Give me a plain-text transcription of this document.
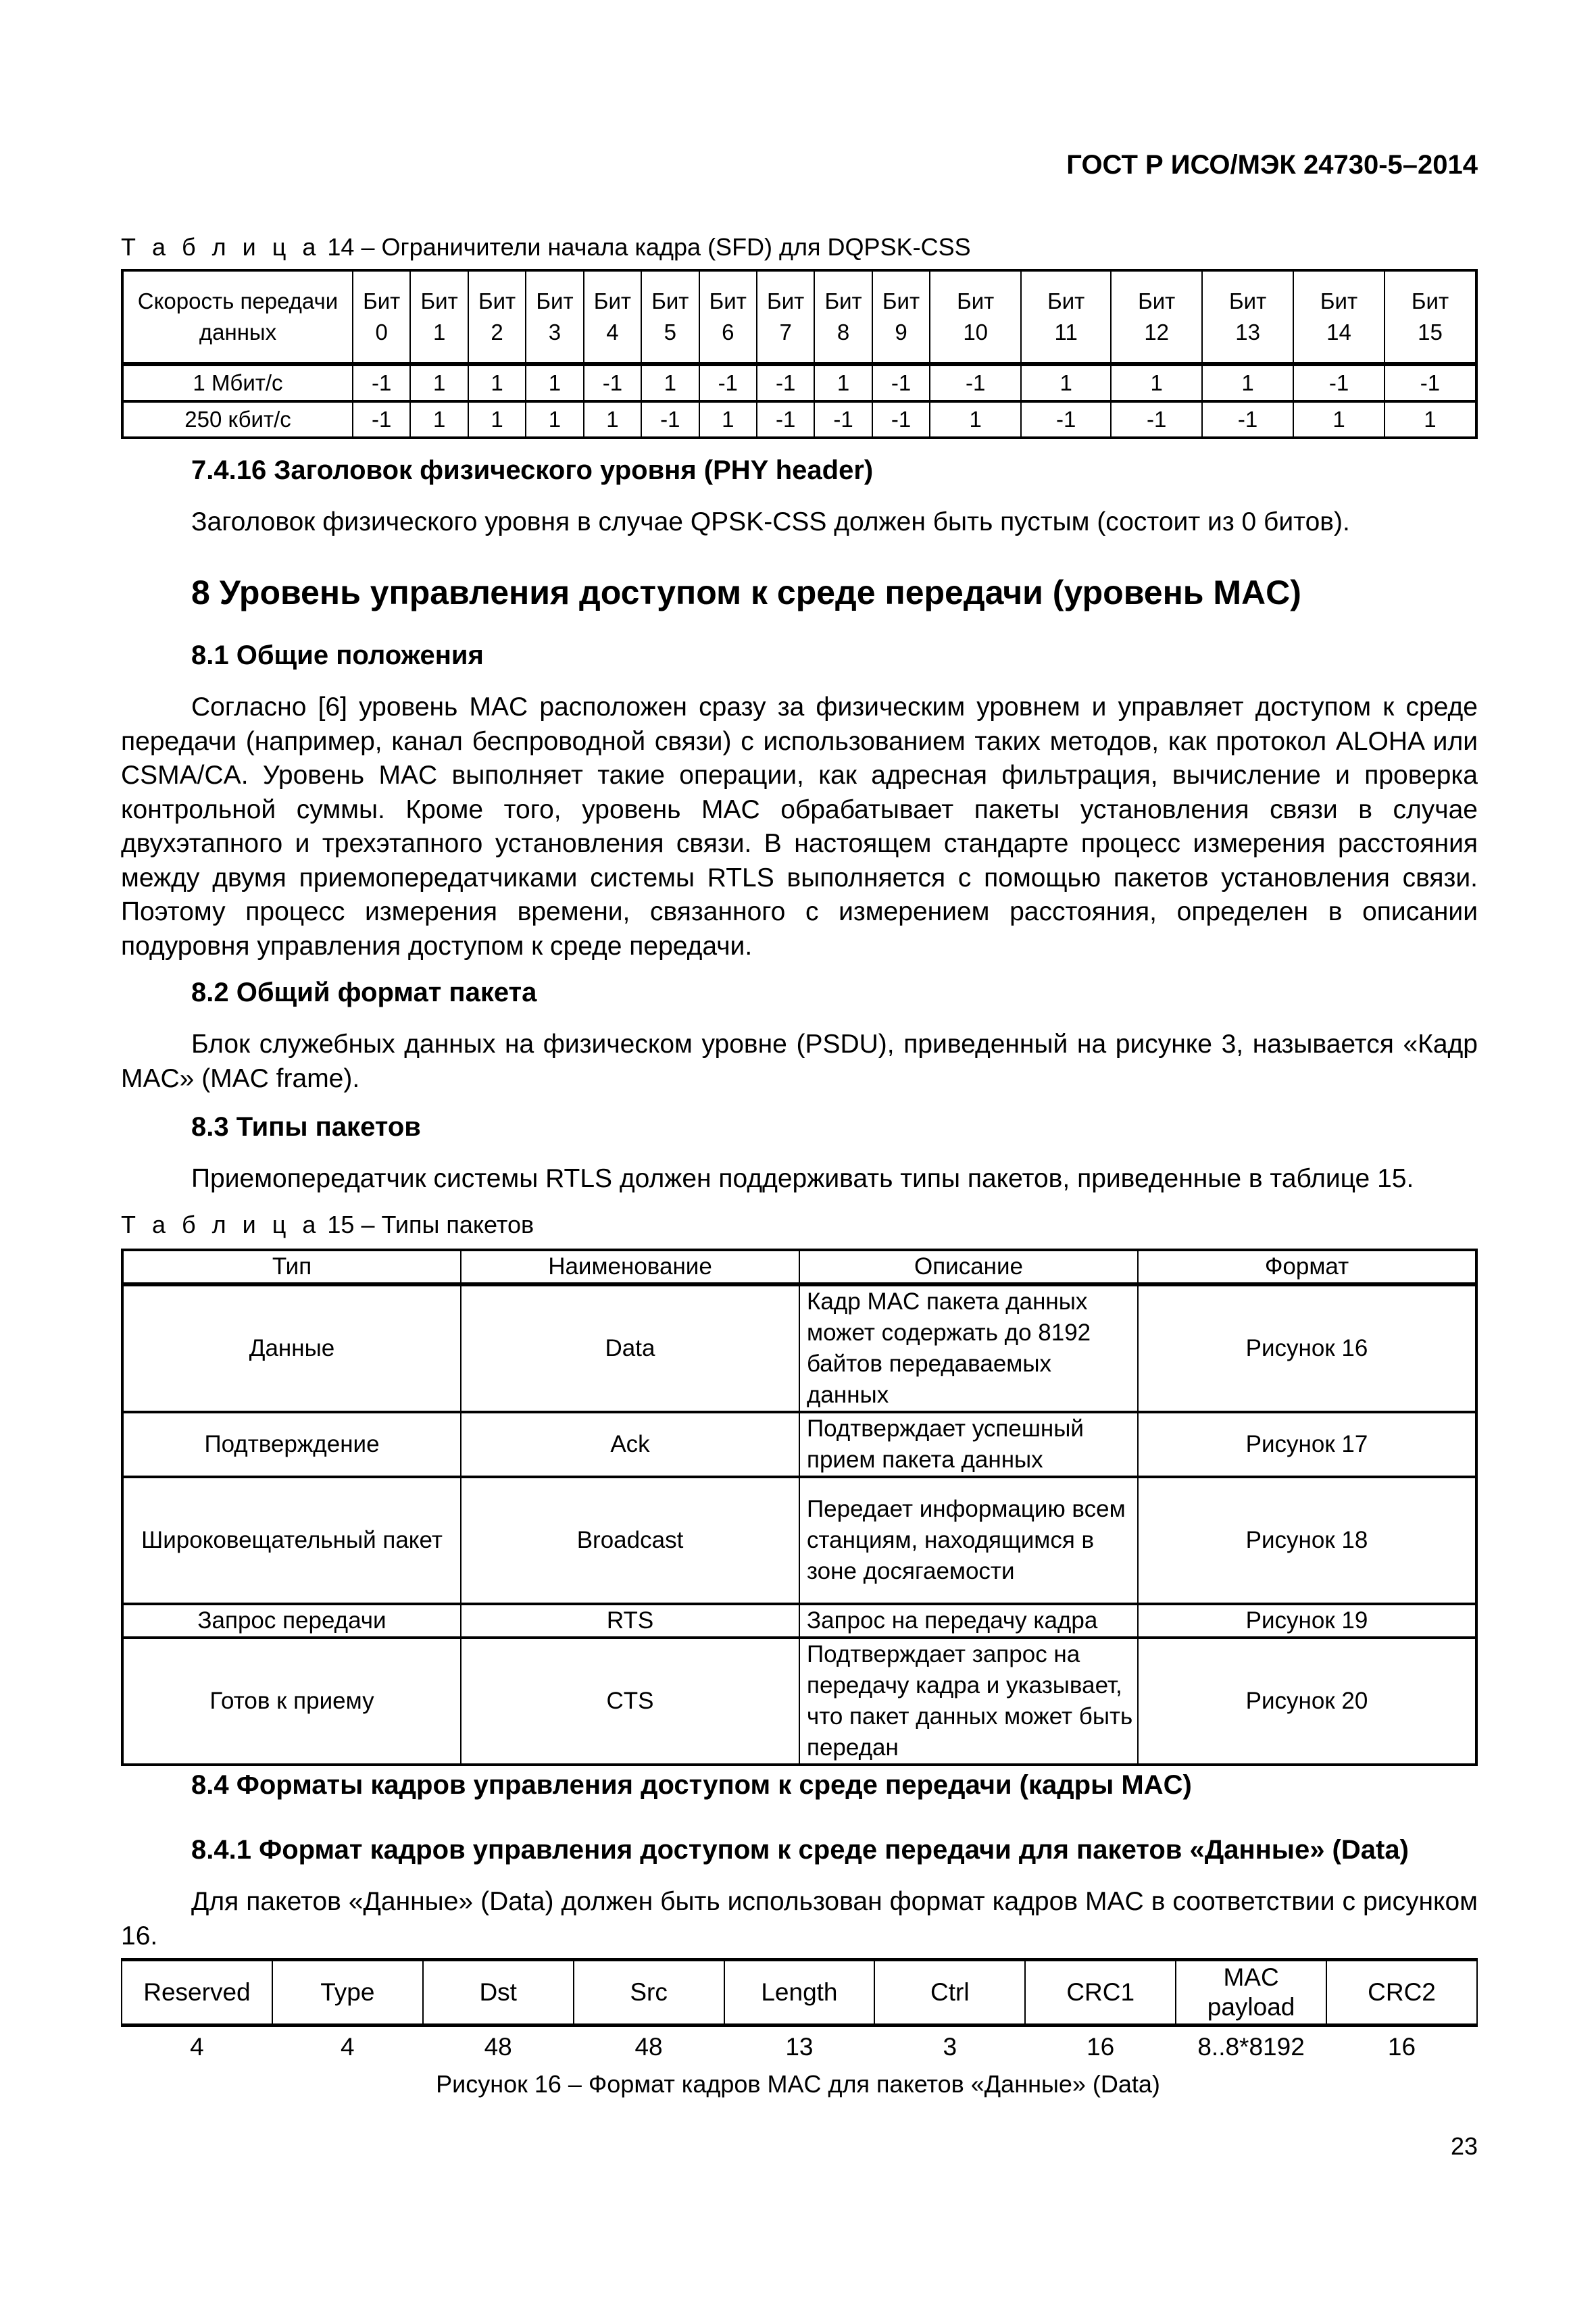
ГОСТ Р ИСО/МЭК 24730-5–2014
Т а б л и ц а 14 – Ограничители начала кадра (SFD) для DQPSK-CSS
Скорость передачи данных	Бит 0	Бит 1	Бит 2	Бит 3	Бит 4	Бит 5	Бит 6	Бит 7	Бит 8	Бит 9	Бит 10	Бит 11	Бит 12	Бит 13	Бит 14	Бит 15
1 Мбит/с	-1	1	1	1	-1	1	-1	-1	1	-1	-1	1	1	1	-1	-1
250 кбит/с	-1	1	1	1	1	-1	1	-1	-1	-1	1	-1	-1	-1	1	1
7.4.16 Заголовок физического уровня (PHY header)
Заголовок физического уровня в случае QPSK-CSS должен быть пустым (состоит из 0 битов).
8 Уровень управления доступом к среде передачи (уровень MAC)
8.1 Общие положения
Согласно [6] уровень MAC расположен сразу за физическим уровнем и управляет доступом к среде передачи (например, канал беспроводной связи) с использованием таких методов, как протокол ALOHA или CSMA/CA. Уровень MAC выполняет такие операции, как адресная фильтрация, вычисление и проверка контрольной суммы. Кроме того, уровень MAC обрабатывает пакеты установления связи в случае двухэтапного и трехэтапного установления связи. В настоящем стандарте процесс измерения расстояния между двумя приемопередатчиками системы RTLS выполняется с помощью пакетов установления связи. Поэтому процесс измерения времени, связанного с измерением расстояния, определен в описании подуровня управления доступом к среде передачи.
8.2 Общий формат пакета
Блок служебных данных на физическом уровне (PSDU), приведенный на рисунке 3, называется «Кадр MAC» (MAC frame).
8.3 Типы пакетов
Приемопередатчик системы RTLS должен поддерживать типы пакетов, приведенные в таблице 15.
Т а б л и ц а 15 – Типы пакетов
Тип	Наименование	Описание	Формат
Данные	Data	Кадр MAC пакета данных может содержать до 8192 байтов передаваемых данных	Рисунок 16
Подтверждение	Ack	Подтверждает успешный прием пакета данных	Рисунок 17
Широковещательный пакет	Broadcast	Передает информацию всем станциям, находящимся в зоне досягаемости	Рисунок 18
Запрос передачи	RTS	Запрос на передачу кадра	Рисунок 19
Готов к приему	CTS	Подтверждает запрос на передачу кадра и указывает, что пакет данных может быть передан	Рисунок 20
8.4 Форматы кадров управления доступом к среде передачи (кадры MAC)
8.4.1 Формат кадров управления доступом к среде передачи для пакетов «Данные» (Data)
Для пакетов «Данные» (Data) должен быть использован формат кадров MAC в соответствии с рисунком 16.
Reserved	Type	Dst	Src	Length	Ctrl	CRC1	MAC payload	CRC2
4	4	48	48	13	3	16	8..8*8192	16
Рисунок 16 – Формат кадров MAC для пакетов «Данные» (Data)
23
